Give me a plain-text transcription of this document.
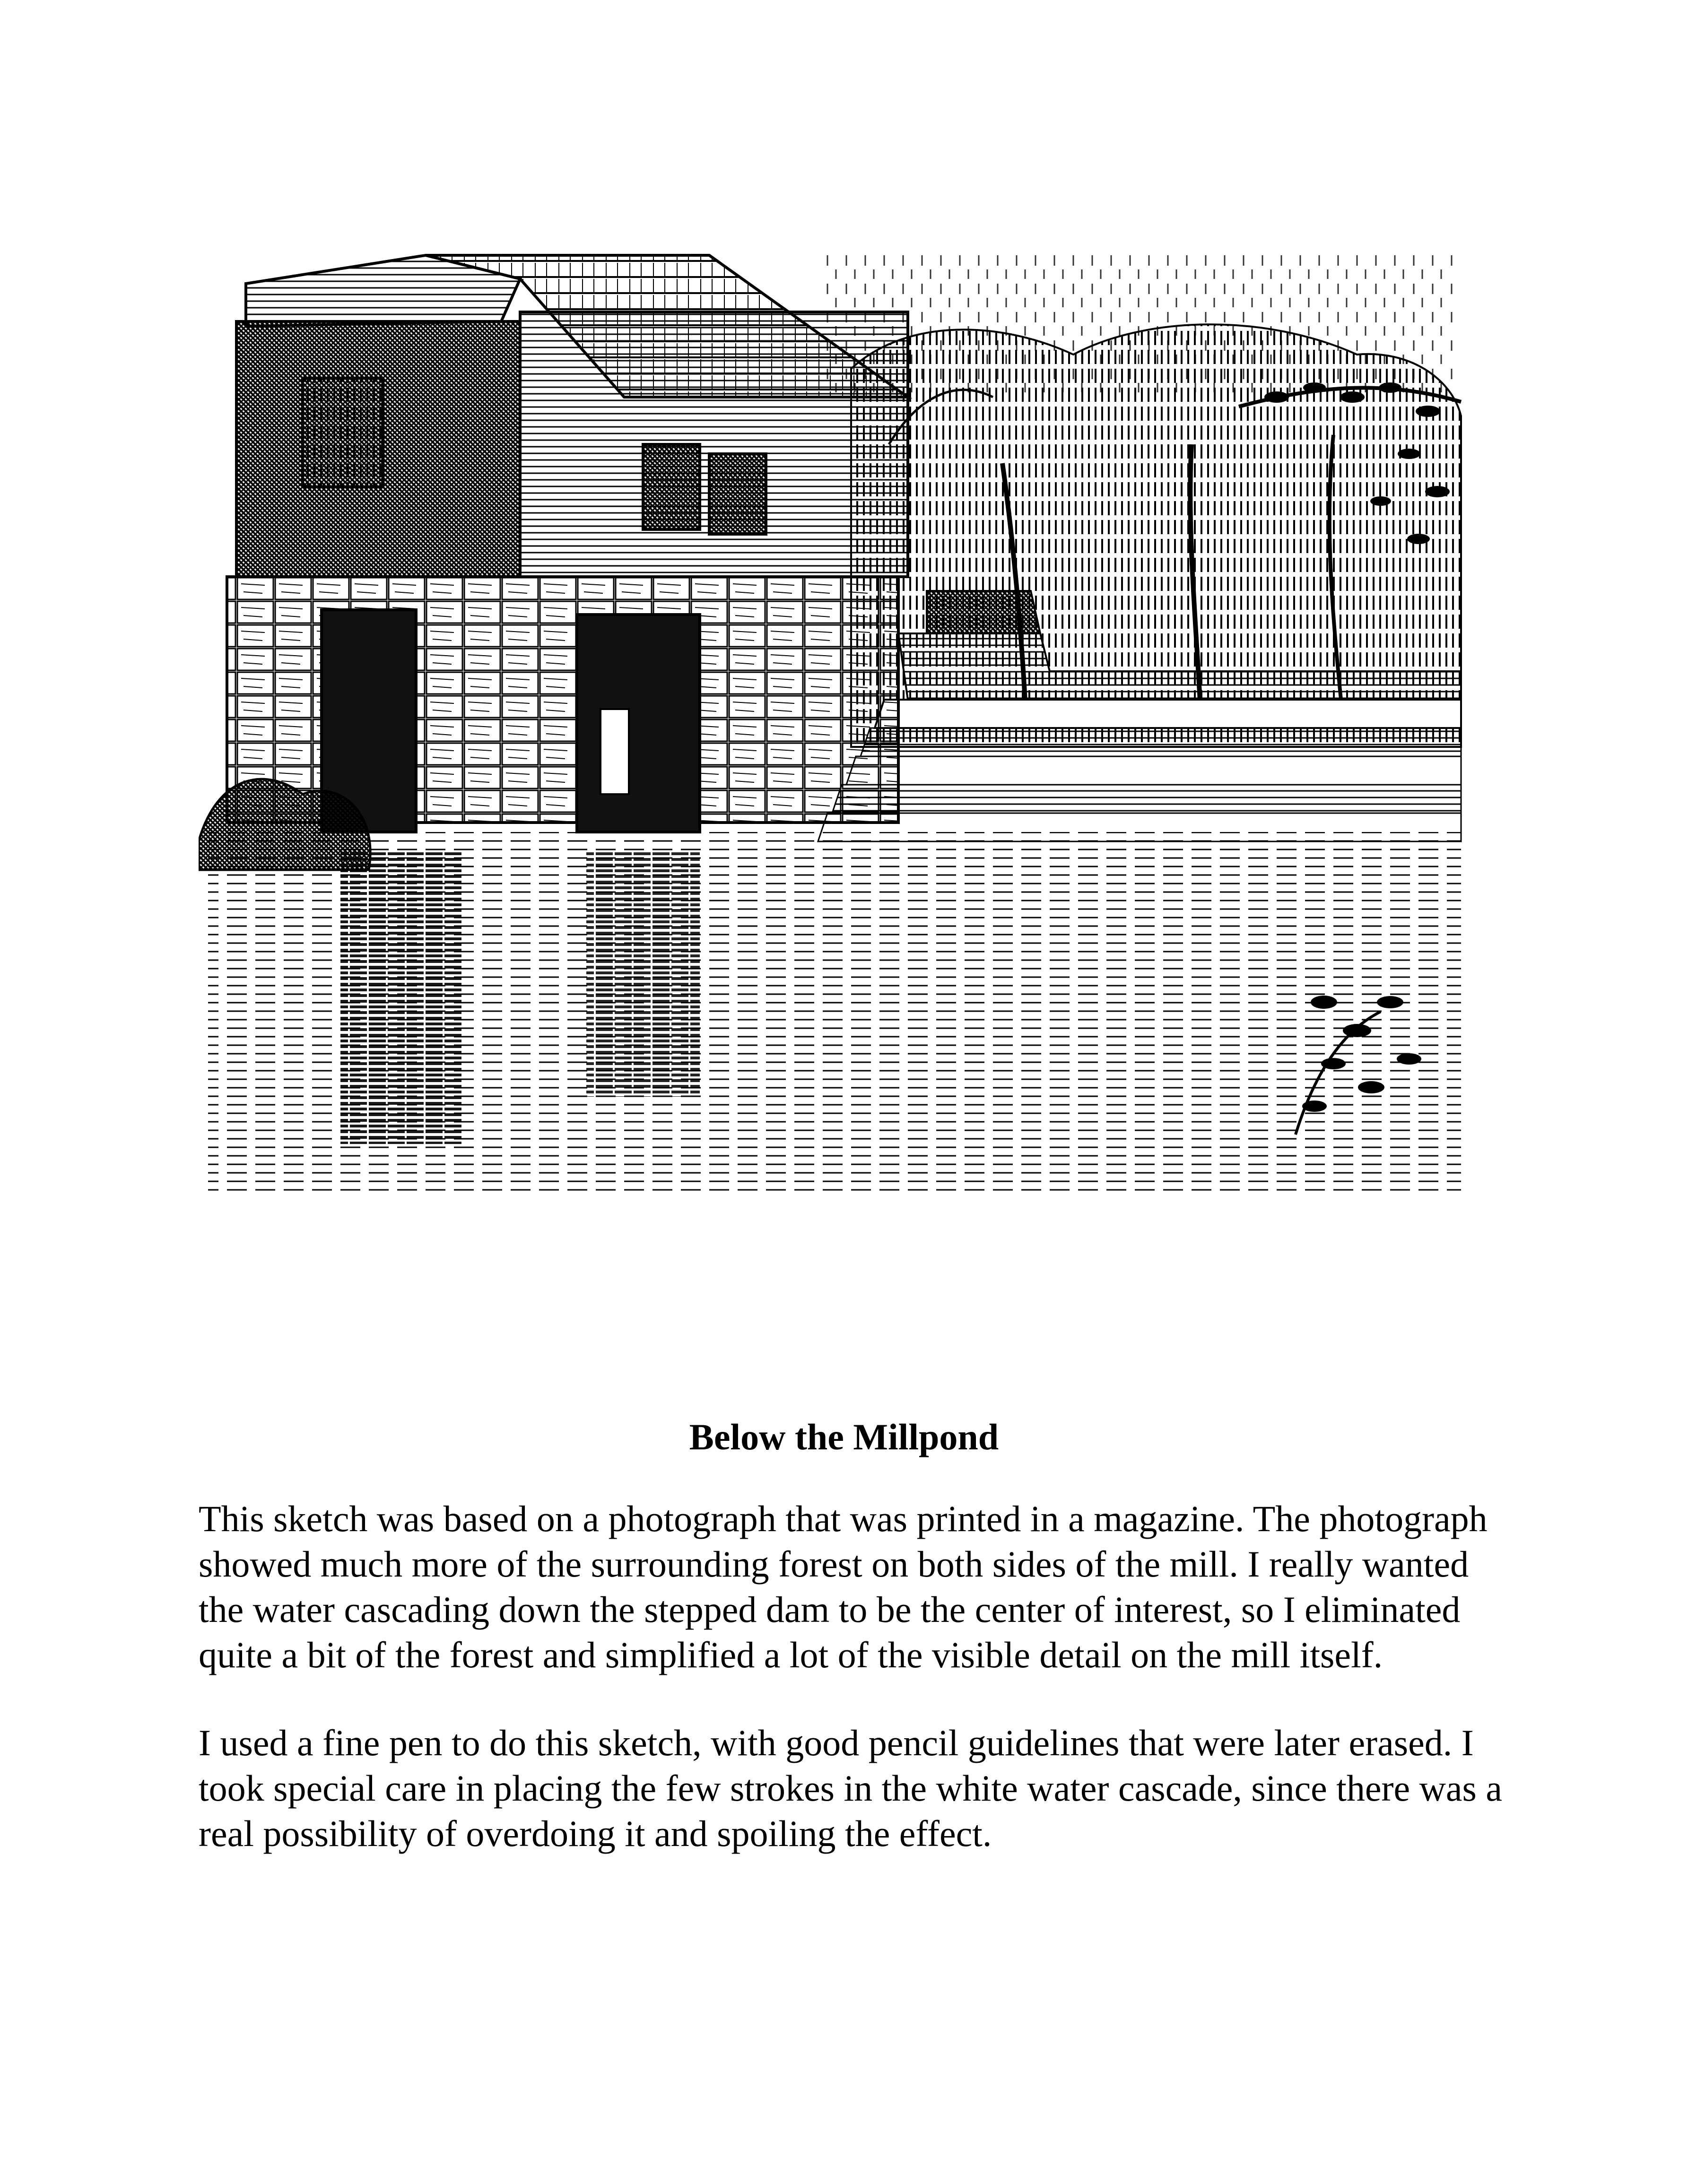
Below the Millpond

This sketch was based on a photograph that was printed in a magazine. The photograph showed much more of the surrounding forest on both sides of the mill. I really wanted the water cascading down the stepped dam to be the center of interest, so I eliminated quite a bit of the forest and simplified a lot of the visible detail on the mill itself.

I used a fine pen to do this sketch, with good pencil guidelines that were later erased. I took special care in placing the few strokes in the white water cascade, since there was a real possibility of overdoing it and spoiling the effect.
